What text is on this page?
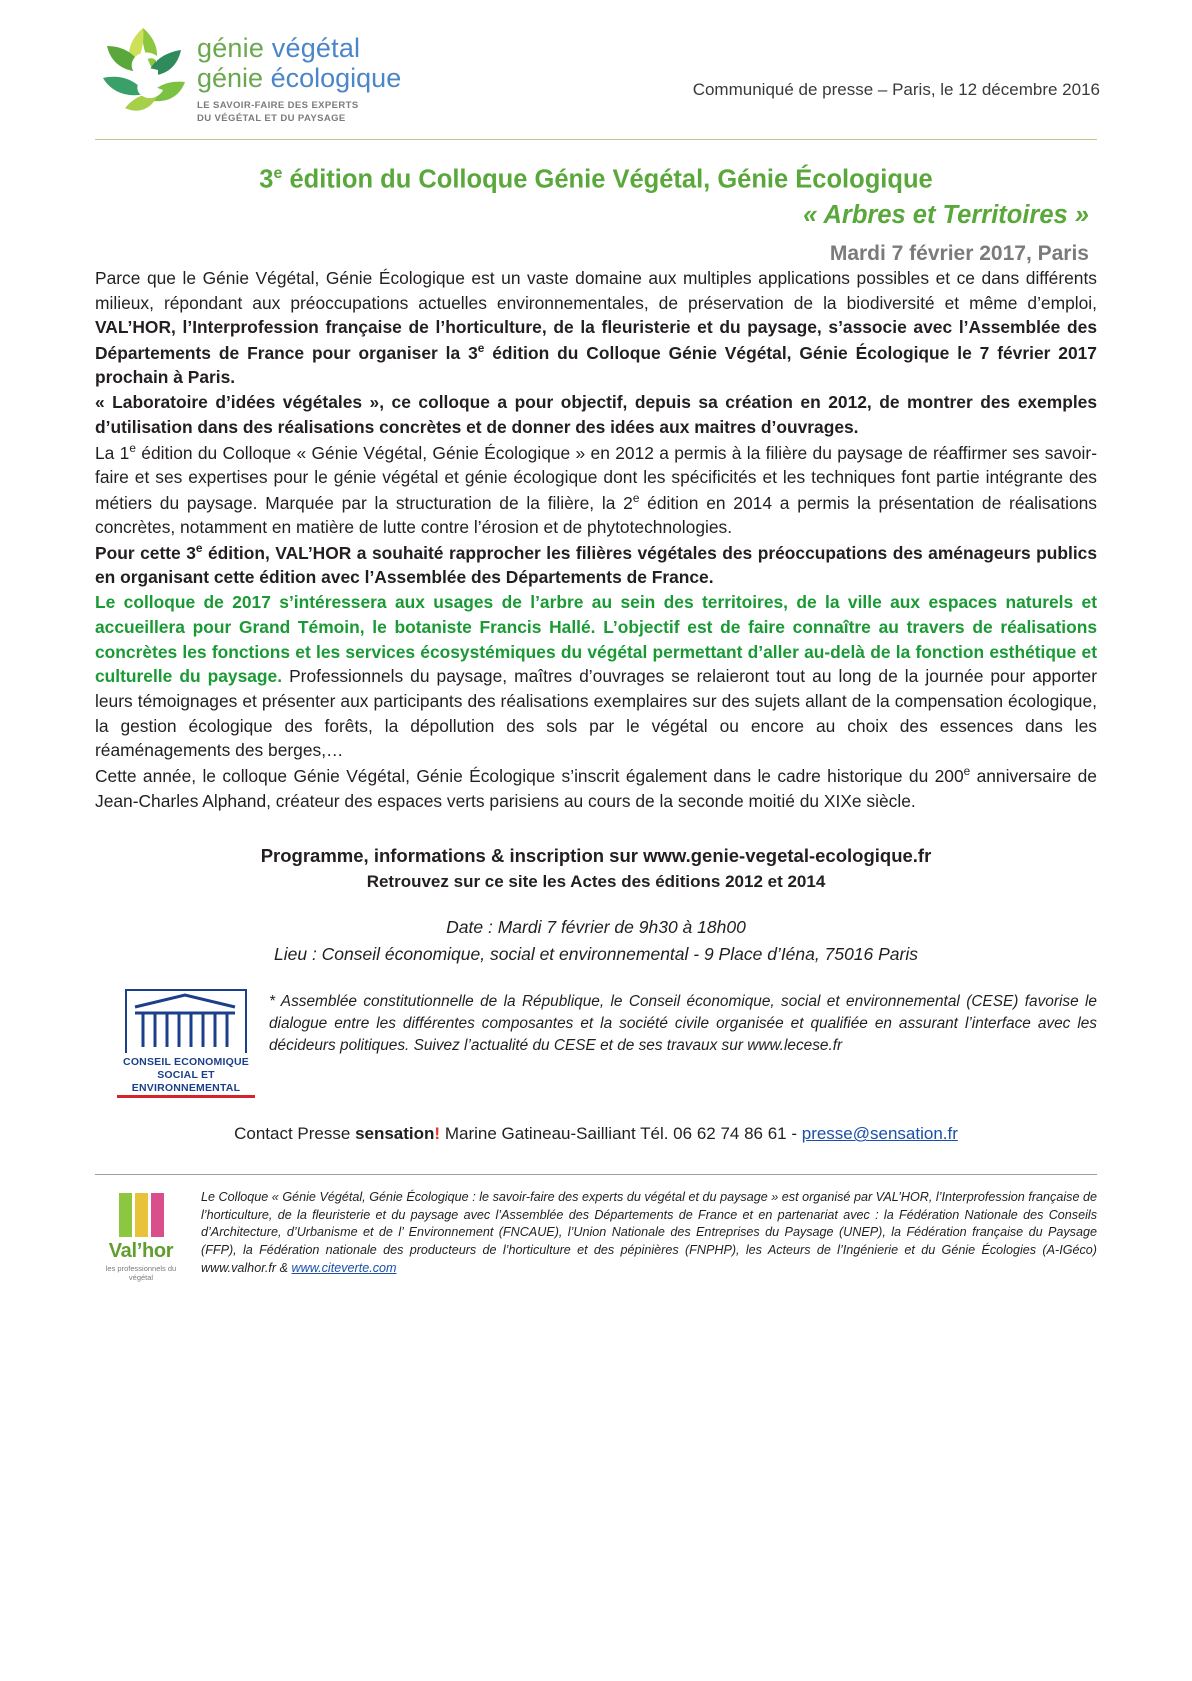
génie végétal
génie écologique
LE SAVOIR-FAIRE DES EXPERTS
DU VÉGÉTAL ET DU PAYSAGE
Communiqué de presse – Paris, le 12 décembre 2016
3e édition du Colloque Génie Végétal, Génie Écologique
« Arbres et Territoires »
Mardi 7 février 2017, Paris

Parce que le Génie Végétal, Génie Écologique est un vaste domaine aux multiples applications possibles et ce dans différents milieux, répondant aux préoccupations actuelles environnementales, de préservation de la biodiversité et même d’emploi, VAL’HOR, l’Interprofession française de l’horticulture, de la fleuristerie et du paysage, s’associe avec l’Assemblée des Départements de France pour organiser la 3e édition du Colloque Génie Végétal, Génie Écologique le 7 février 2017 prochain à Paris.

« Laboratoire d’idées végétales », ce colloque a pour objectif, depuis sa création en 2012, de montrer des exemples d’utilisation dans des réalisations concrètes et de donner des idées aux maitres d’ouvrages.

La 1e édition du Colloque « Génie Végétal, Génie Écologique » en 2012 a permis à la filière du paysage de réaffirmer ses savoir-faire et ses expertises pour le génie végétal et génie écologique dont les spécificités et les techniques font partie intégrante des métiers du paysage. Marquée par la structuration de la filière, la 2e édition en 2014 a permis la présentation de réalisations concrètes, notamment en matière de lutte contre l’érosion et de phytotechnologies.

Pour cette 3e édition, VAL’HOR a souhaité rapprocher les filières végétales des préoccupations des aménageurs publics en organisant cette édition avec l’Assemblée des Départements de France.

Le colloque de 2017 s’intéressera aux usages de l’arbre au sein des territoires, de la ville aux espaces naturels et accueillera pour Grand Témoin, le botaniste Francis Hallé. L’objectif est de faire connaître au travers de réalisations concrètes les fonctions et les services écosystémiques du végétal permettant d’aller au-delà de la fonction esthétique et culturelle du paysage. Professionnels du paysage, maîtres d’ouvrages se relaieront tout au long de la journée pour apporter leurs témoignages et présenter aux participants des réalisations exemplaires sur des sujets allant de la compensation écologique, la gestion écologique des forêts, la dépollution des sols par le végétal ou encore au choix des essences dans les réaménagements des berges,…

Cette année, le colloque Génie Végétal, Génie Écologique s’inscrit également dans le cadre historique du 200e anniversaire de Jean-Charles Alphand, créateur des espaces verts parisiens au cours de la seconde moitié du XIXe siècle.

Programme, informations & inscription sur www.genie-vegetal-ecologique.fr
Retrouvez sur ce site les Actes des éditions 2012 et 2014
Date : Mardi 7 février de 9h30 à 18h00
Lieu : Conseil économique, social et environnemental - 9 Place d’Iéna, 75016 Paris
CONSEIL ECONOMIQUE
SOCIAL ET ENVIRONNEMENTAL
* Assemblée constitutionnelle de la République, le Conseil économique, social et environnemental (CESE) favorise le dialogue entre les différentes composantes et la société civile organisée et qualifiée en assurant l’interface avec les décideurs politiques. Suivez l’actualité du CESE et de ses travaux sur www.lecese.fr
Contact Presse sensation! Marine Gatineau-Sailliant Tél. 06 62 74 86 61 - presse@sensation.fr
Val’hor
les professionnels du végétal
Le Colloque « Génie Végétal, Génie Écologique : le savoir-faire des experts du végétal et du paysage » est organisé par VAL’HOR, l’Interprofession française de l’horticulture, de la fleuristerie et du paysage avec l’Assemblée des Départements de France et en partenariat avec : la Fédération Nationale des Conseils d’Architecture, d’Urbanisme et de l’ Environnement (FNCAUE), l’Union Nationale des Entreprises du Paysage (UNEP), la Fédération française du Paysage (FFP), la Fédération nationale des producteurs de l’horticulture et des pépinières (FNPHP), les Acteurs de l’Ingénierie et du Génie Écologies (A-IGéco) www.valhor.fr & www.citeverte.com
